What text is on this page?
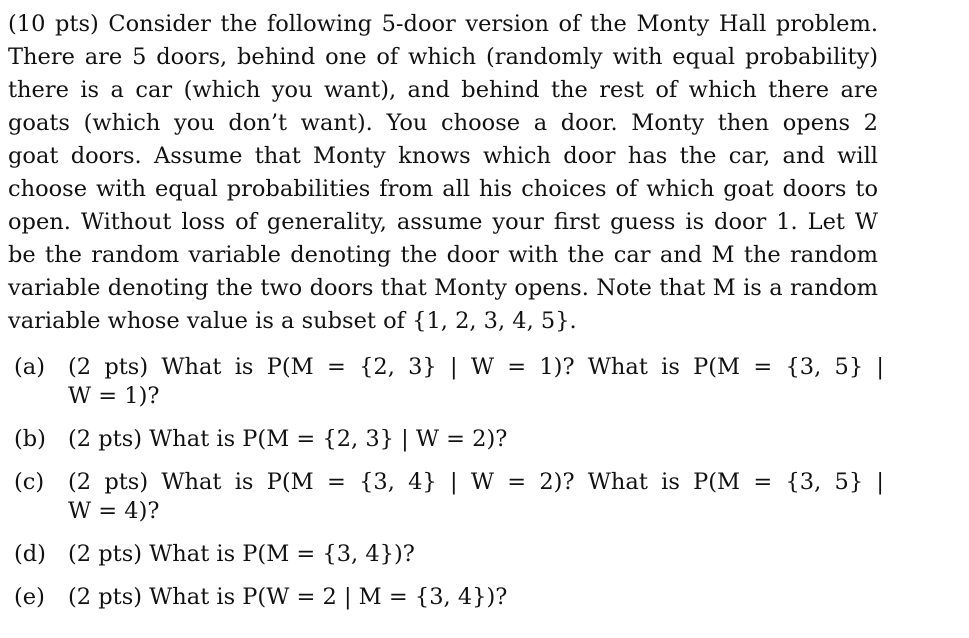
(10 pts) Consider the following 5-door version of the Monty Hall problem.
There are 5 doors, behind one of which (randomly with equal probability)
there is a car (which you want), and behind the rest of which there are
goats (which you don’t want). You choose a door. Monty then opens 2
goat doors. Assume that Monty knows which door has the car, and will
choose with equal probabilities from all his choices of which goat doors to
open. Without loss of generality, assume your first guess is door 1. Let W
be the random variable denoting the door with the car and M the random
variable denoting the two doors that Monty opens. Note that M is a random
variable whose value is a subset of {1, 2, 3, 4, 5}.
(a)	(2 pts) What is P(M = {2, 3} | W = 1)? What is P(M = {3, 5} |
W = 1)?
(b) (2 pts) What is P(M = {2, 3} | W = 2)?
(c)	(2 pts) What is P(M = {3, 4} | W = 2)? What is P(M = {3, 5} |
W = 4)?
(d) (2 pts) What is P(M = {3, 4})?
(e)	(2 pts) What is P(W = 2 | M = {3, 4})?
